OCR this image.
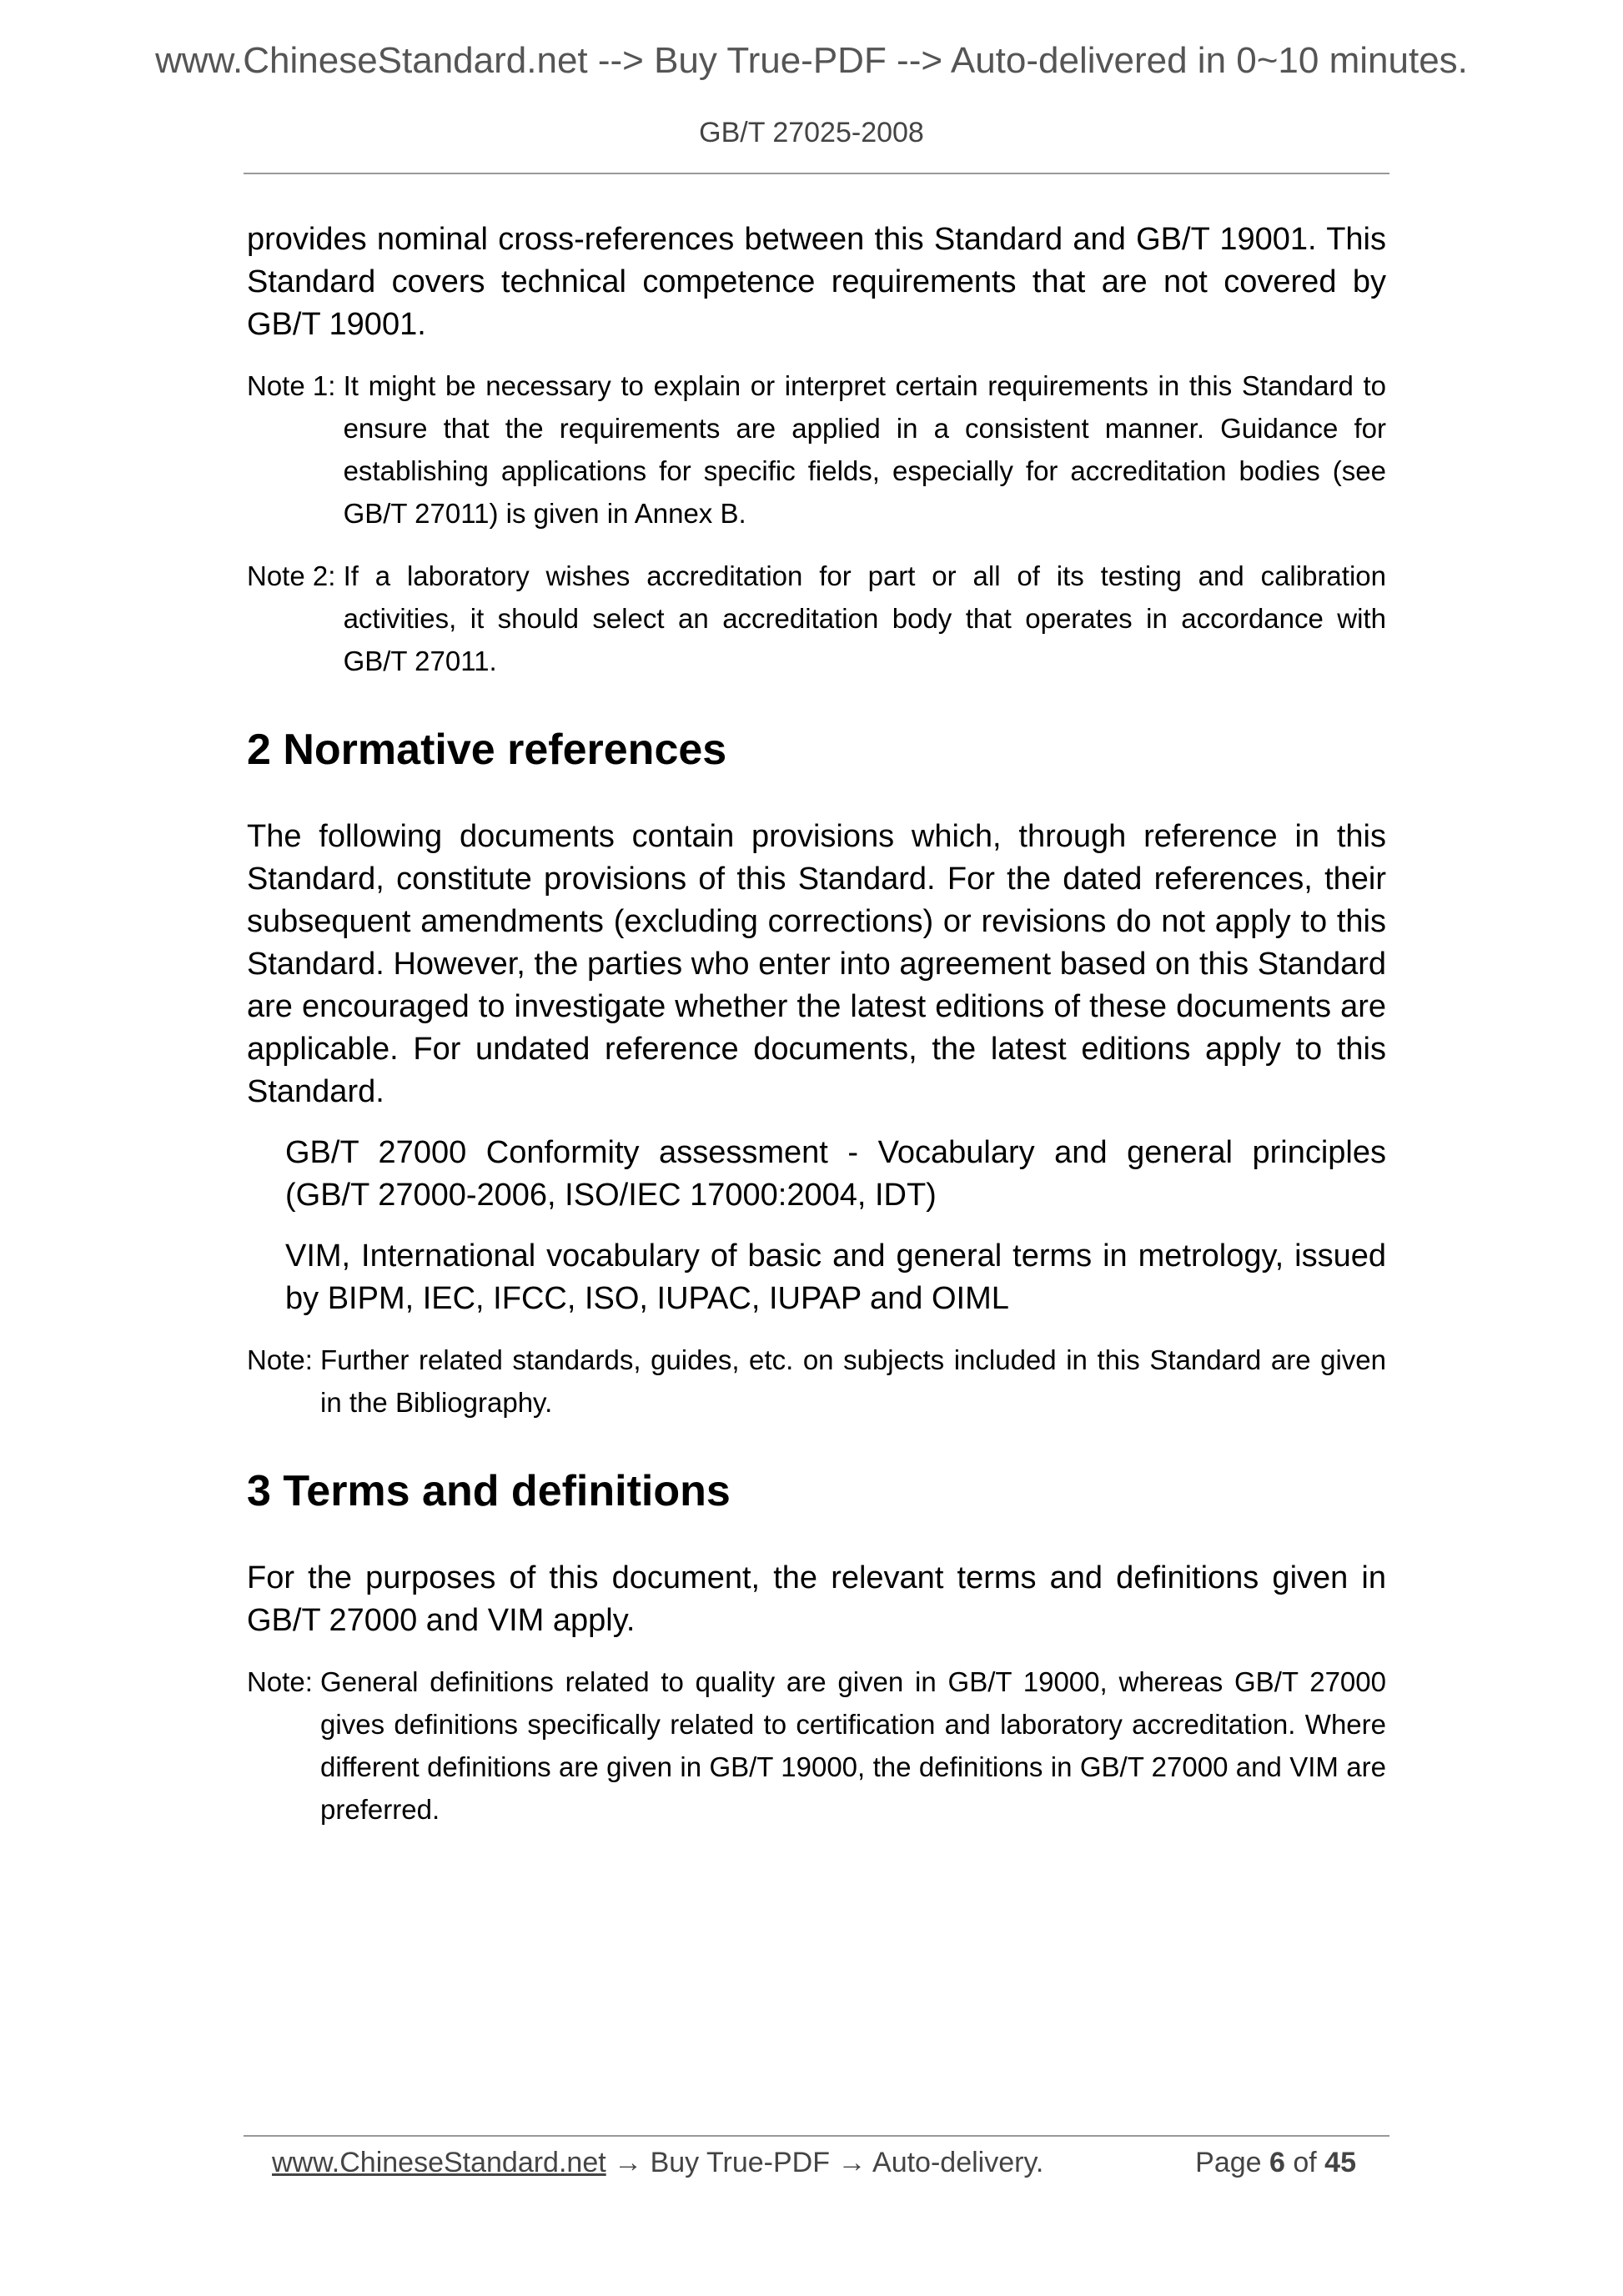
www.ChineseStandard.net --> Buy True-PDF --> Auto-delivered in 0~10 minutes.
GB/T 27025-2008

provides nominal cross-references between this Standard and GB/T 19001. This Standard covers technical competence requirements that are not covered by GB/T 19001.

Note 1: It might be necessary to explain or interpret certain requirements in this Standard to ensure that the requirements are applied in a consistent manner. Guidance for establishing applications for specific fields, especially for accreditation bodies (see GB/T 27011) is given in Annex B.
Note 2: If a laboratory wishes accreditation for part or all of its testing and calibration activities, it should select an accreditation body that operates in accordance with GB/T 27011.
2 Normative references

The following documents contain provisions which, through reference in this Standard, constitute provisions of this Standard. For the dated references, their subsequent amendments (excluding corrections) or revisions do not apply to this Standard. However, the parties who enter into agreement based on this Standard are encouraged to investigate whether the latest editions of these documents are applicable. For undated reference documents, the latest editions apply to this Standard.

GB/T 27000 Conformity assessment - Vocabulary and general principles (GB/T 27000-2006, ISO/IEC 17000:2004, IDT)

VIM, International vocabulary of basic and general terms in metrology, issued by BIPM, IEC, IFCC, ISO, IUPAC, IUPAP and OIML

Note: Further related standards, guides, etc. on subjects included in this Standard are given in the Bibliography.
3 Terms and definitions

For the purposes of this document, the relevant terms and definitions given in GB/T 27000 and VIM apply.

Note: General definitions related to quality are given in GB/T 19000, whereas GB/T 27000 gives definitions specifically related to certification and laboratory accreditation. Where different definitions are given in GB/T 19000, the definitions in GB/T 27000 and VIM are preferred.
www.ChineseStandard.net → Buy True-PDF → Auto-delivery.	Page 6 of 45
